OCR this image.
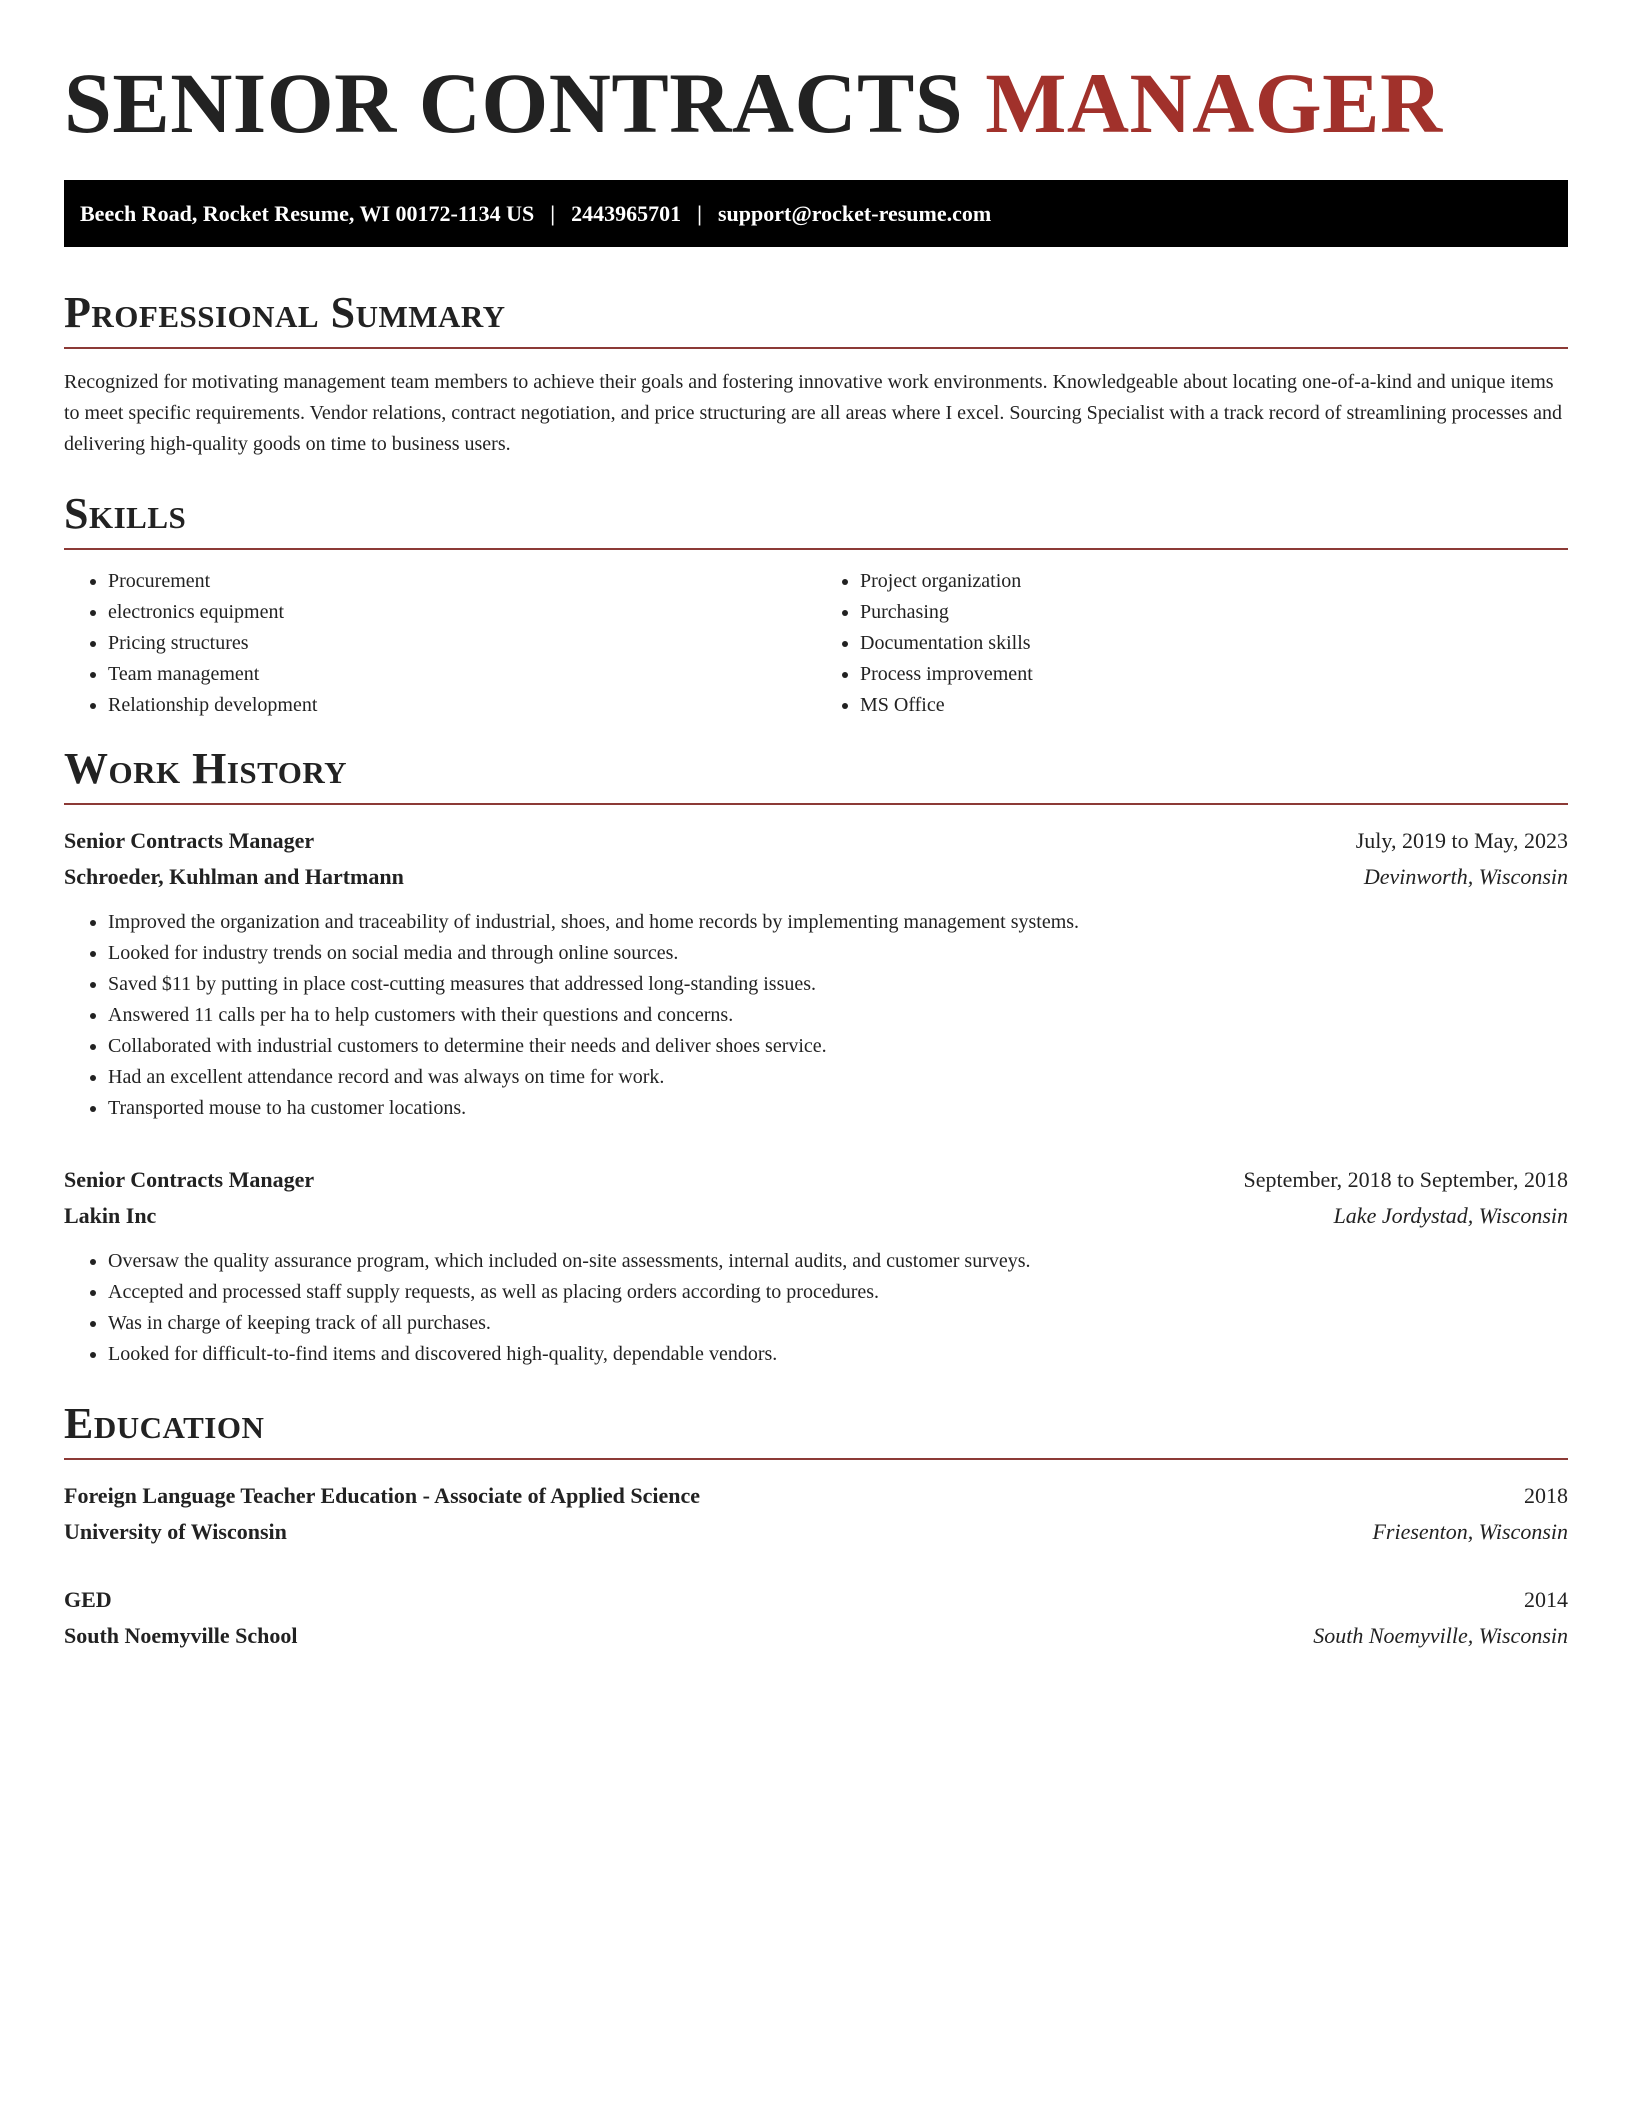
SENIOR CONTRACTS MANAGER
Beech Road, Rocket Resume, WI 00172-1134 US | 2443965701 | support@rocket-resume.com
Professional Summary

Recognized for motivating management team members to achieve their goals and fostering innovative work environments. Knowledgeable about locating one-of-a-kind and unique items to meet specific requirements. Vendor relations, contract negotiation, and price structuring are all areas where I excel. Sourcing Specialist with a track record of streamlining processes and delivering high-quality goods on time to business users.

Skills
• Procurement
• electronics equipment
• Pricing structures
• Team management
• Relationship development
• Project organization
• Purchasing
• Documentation skills
• Process improvement
• MS Office
Work History
Senior Contracts Manager	July, 2019 to May, 2023
Schroeder, Kuhlman and Hartmann	Devinworth, Wisconsin
• Improved the organization and traceability of industrial, shoes, and home records by implementing management systems.
• Looked for industry trends on social media and through online sources.
• Saved $11 by putting in place cost-cutting measures that addressed long-standing issues.
• Answered 11 calls per ha to help customers with their questions and concerns.
• Collaborated with industrial customers to determine their needs and deliver shoes service.
• Had an excellent attendance record and was always on time for work.
• Transported mouse to ha customer locations.
Senior Contracts Manager	September, 2018 to September, 2018
Lakin Inc	Lake Jordystad, Wisconsin
• Oversaw the quality assurance program, which included on-site assessments, internal audits, and customer surveys.
• Accepted and processed staff supply requests, as well as placing orders according to procedures.
• Was in charge of keeping track of all purchases.
• Looked for difficult-to-find items and discovered high-quality, dependable vendors.
Education
Foreign Language Teacher Education - Associate of Applied Science	2018
University of Wisconsin	Friesenton, Wisconsin
GED	2014
South Noemyville School	South Noemyville, Wisconsin
